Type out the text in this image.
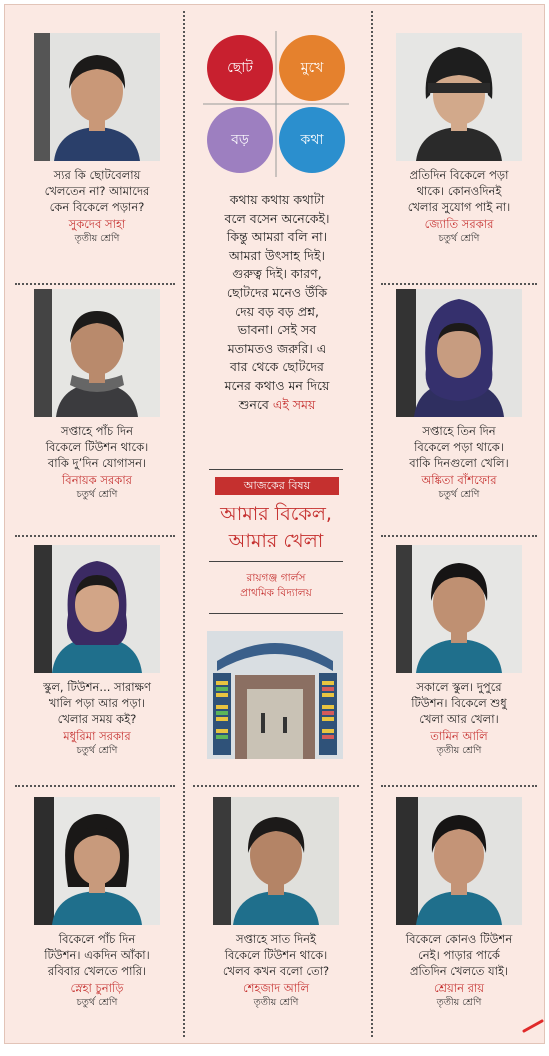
ছোট	মুখে
বড়	কথা
কথায় কথায় কথাটা
বলে বসেন অনেকেই।
কিন্তু আমরা বলি না।
আমরা উৎসাহ দিই।
গুরুত্ব দিই। কারণ,
ছোটদের মনেও উঁকি
দেয় বড় বড় প্রশ্ন,
ভাবনা। সেই সব
মতামতও জরুরি। এ
বার থেকে ছোটদের
মনের কথাও মন দিয়ে
শুনবে এই সময়
আজকের বিষয়
আমার বিকেল,
আমার খেলা
রায়গঞ্জ গার্লস
প্রাথমিক বিদ্যালয়
স্যর কি ছোটবেলায়
খেলতেন না? আমাদের
কেন বিকেলে পড়ান?
সুকদেব সাহা
তৃতীয় শ্রেণি
সপ্তাহে পাঁচ দিন
বিকেলে টিউশন থাকে।
বাকি দু’দিন যোগাসন।
বিনায়ক সরকার
চতুর্থ শ্রেণি
স্কুল, টিউশন... সারাক্ষণ
খালি পড়া আর পড়া।
খেলার সময় কই?
মধুরিমা সরকার
চতুর্থ শ্রেণি
বিকেলে পাঁচ দিন
টিউশন। একদিন আঁকা।
রবিবার খেলতে পারি।
স্নেহা চুনাড়ি
চতুর্থ শ্রেণি
সপ্তাহে সাত দিনই
বিকেলে টিউশন থাকে।
খেলব কখন বলো তো?
শেহজাদ আলি
তৃতীয় শ্রেণি
প্রতিদিন বিকেলে পড়া
থাকে। কোনওদিনই
খেলার সুযোগ পাই না।
জ্যোতি সরকার
চতুর্থ শ্রেণি
সপ্তাহে তিন দিন
বিকেলে পড়া থাকে।
বাকি দিনগুলো খেলি।
অঙ্কিতা বাঁশফোর
চতুর্থ শ্রেণি
সকালে স্কুল। দুপুরে
টিউশন। বিকেলে শুধু
খেলা আর খেলা।
তামিন আলি
তৃতীয় শ্রেণি
বিকেলে কোনও টিউশন
নেই। পাড়ার পার্কে
প্রতিদিন খেলতে যাই।
শ্রেয়ান রায়
তৃতীয় শ্রেণি
